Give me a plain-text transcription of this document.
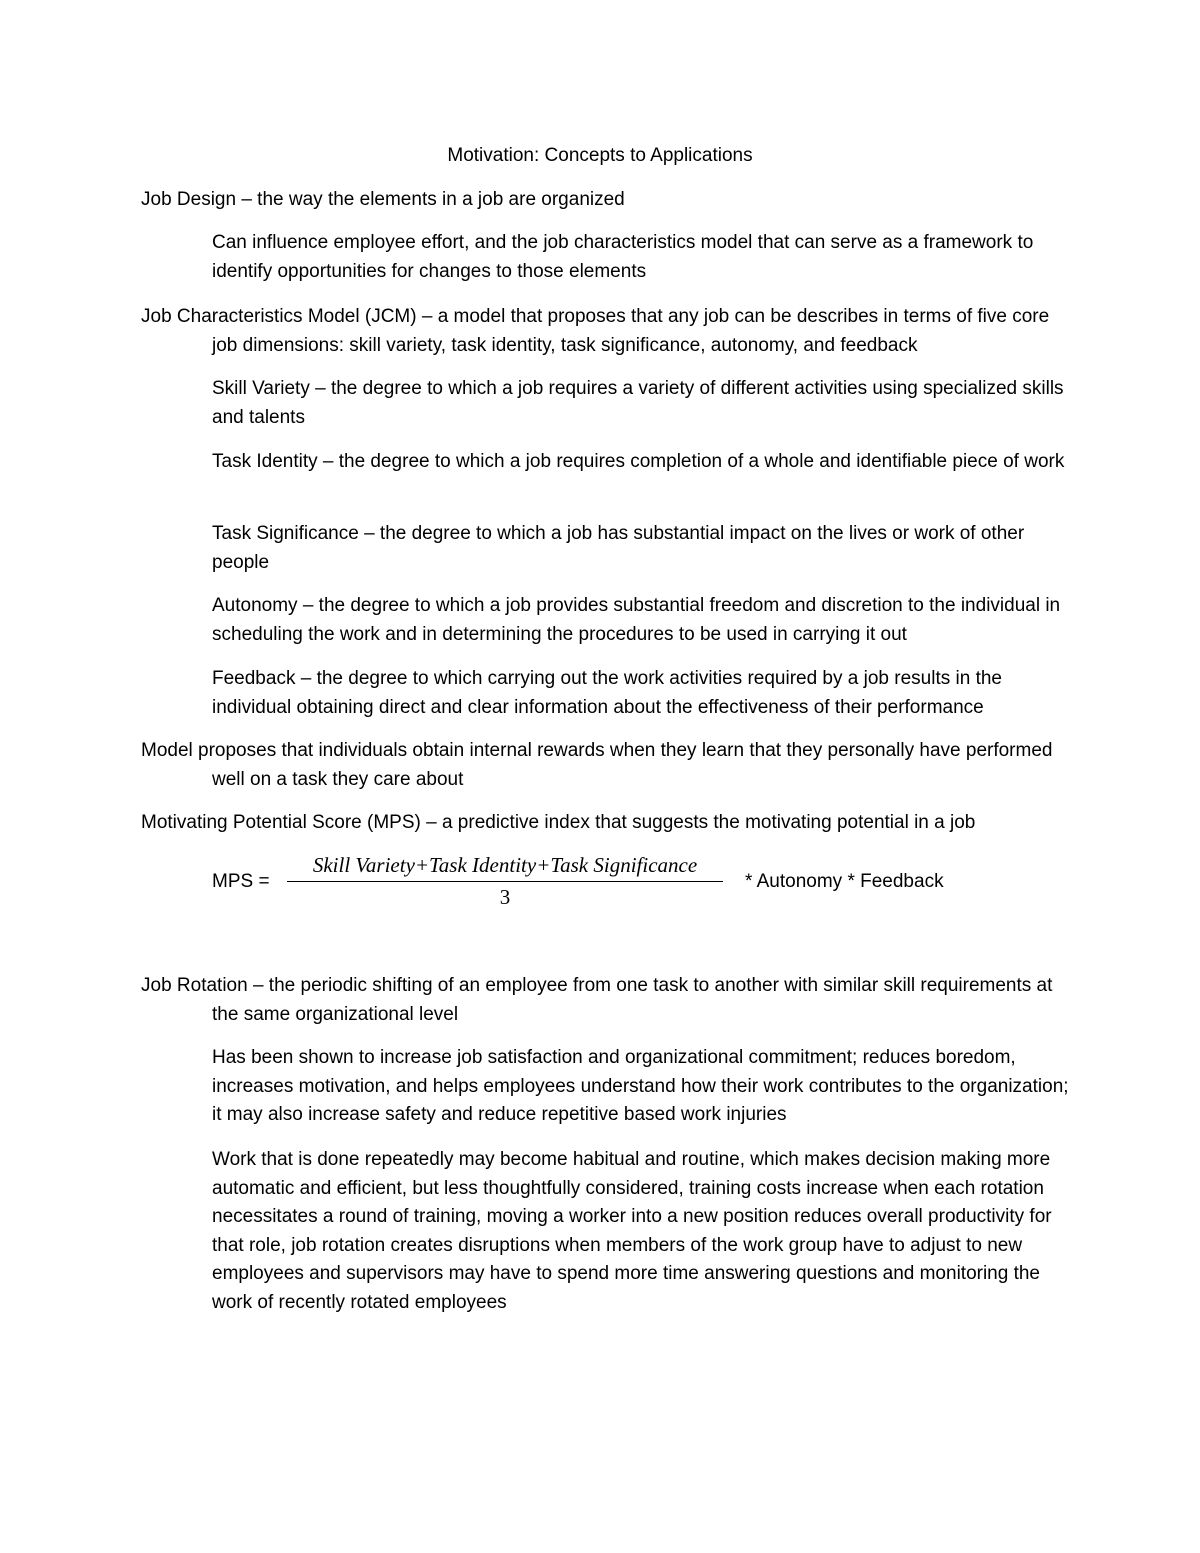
Motivation: Concepts to Applications

Job Design – the way the elements in a job are organized

Can influence employee effort, and the job characteristics model that can serve as a framework to identify opportunities for changes to those elements

Job Characteristics Model (JCM) – a model that proposes that any job can be describes in terms of five core job dimensions: skill variety, task identity, task significance, autonomy, and feedback

Skill Variety – the degree to which a job requires a variety of different activities using specialized skills and talents

Task Identity – the degree to which a job requires completion of a whole and identifiable piece of work

Task Significance – the degree to which a job has substantial impact on the lives or work of other people

Autonomy – the degree to which a job provides substantial freedom and discretion to the individual in scheduling the work and in determining the procedures to be used in carrying it out

Feedback – the degree to which carrying out the work activities required by a job results in the individual obtaining direct and clear information about the effectiveness of their performance

Model proposes that individuals obtain internal rewards when they learn that they personally have performed well on a task they care about

Motivating Potential Score (MPS) – a predictive index that suggests the motivating potential in a job

MPS =
Skill Variety+Task Identity+Task Significance
3
* Autonomy * Feedback

Job Rotation – the periodic shifting of an employee from one task to another with similar skill requirements at the same organizational level

Has been shown to increase job satisfaction and organizational commitment; reduces boredom, increases motivation, and helps employees understand how their work contributes to the organization; it may also increase safety and reduce repetitive based work injuries

Work that is done repeatedly may become habitual and routine, which makes decision making more automatic and efficient, but less thoughtfully considered, training costs increase when each rotation necessitates a round of training, moving a worker into a new position reduces overall productivity for that role, job rotation creates disruptions when members of the work group have to adjust to new employees and supervisors may have to spend more time answering questions and monitoring the work of recently rotated employees
